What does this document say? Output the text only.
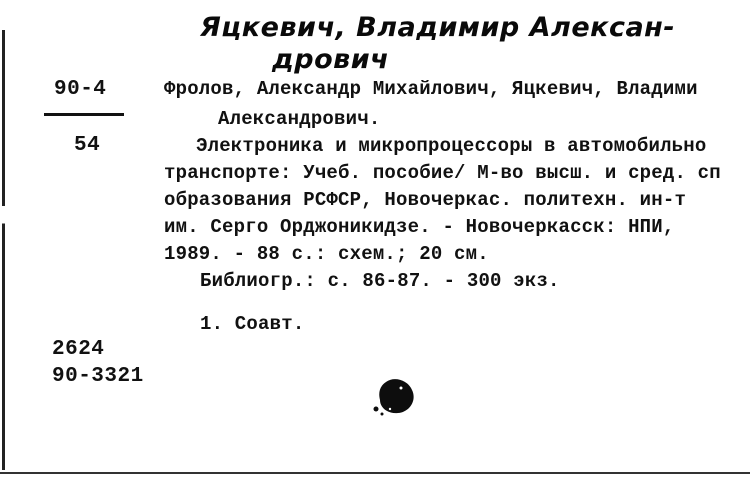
Яцкевич, Владимир Алексан-
дрович
90-4
54
Фролов, Александр Михайлович, Яцкевич, Владими
Александрович.
Электроника и микропроцессоры в автомобильно
транспорте: Учеб. пособие/ М-во высш. и сред. сп
образования РСФСР, Новочеркас. политехн. ин-т
им. Серго Орджоникидзе. - Новочеркасск: НПИ,
1989. - 88 с.: схем.; 20 см.
Библиогр.: с. 86-87. - 300 экз.
1. Соавт.
2624
90-3321
